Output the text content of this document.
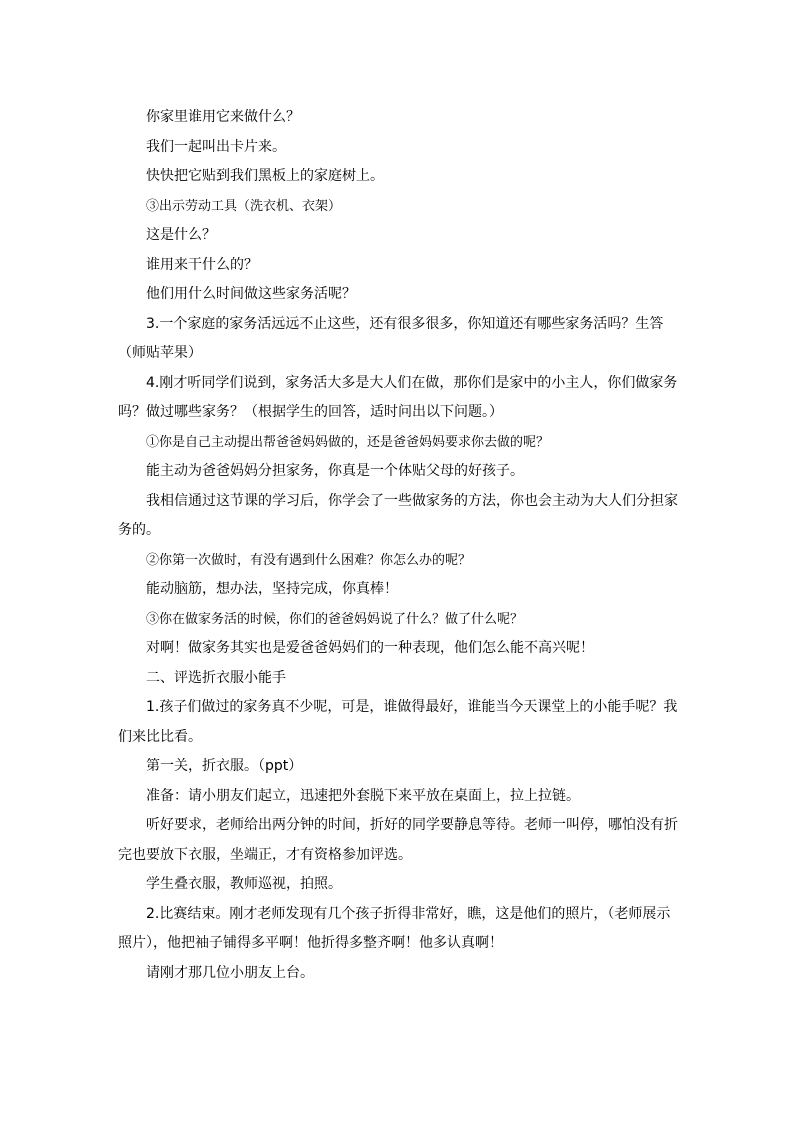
你家里谁用它来做什么？

我们一起叫出卡片来。

快快把它贴到我们黑板上的家庭树上。

③出示劳动工具（洗衣机、衣架）

这是什么？

谁用来干什么的？

他们用什么时间做这些家务活呢？

3.一个家庭的家务活远远不止这些，还有很多很多，你知道还有哪些家务活吗？生答（师贴苹果）

4.刚才听同学们说到，家务活大多是大人们在做，那你们是家中的小主人，你们做家务吗？做过哪些家务？（根据学生的回答，适时问出以下问题。）

①你是自己主动提出帮爸爸妈妈做的，还是爸爸妈妈要求你去做的呢？

能主动为爸爸妈妈分担家务，你真是一个体贴父母的好孩子。

我相信通过这节课的学习后，你学会了一些做家务的方法，你也会主动为大人们分担家务的。

②你第一次做时，有没有遇到什么困难？你怎么办的呢？

能动脑筋，想办法，坚持完成，你真棒！

③你在做家务活的时候，你们的爸爸妈妈说了什么？做了什么呢？

对啊！做家务其实也是爱爸爸妈妈们的一种表现，他们怎么能不高兴呢！

二、评选折衣服小能手

1.孩子们做过的家务真不少呢，可是，谁做得最好，谁能当今天课堂上的小能手呢？我们来比比看。

第一关，折衣服。（ppt）

准备：请小朋友们起立，迅速把外套脱下来平放在桌面上，拉上拉链。

听好要求，老师给出两分钟的时间，折好的同学要静息等待。老师一叫停，哪怕没有折完也要放下衣服，坐端正，才有资格参加评选。

学生叠衣服，教师巡视，拍照。

2.比赛结束。刚才老师发现有几个孩子折得非常好，瞧，这是他们的照片，（老师展示照片），他把袖子铺得多平啊！他折得多整齐啊！他多认真啊！

请刚才那几位小朋友上台。
